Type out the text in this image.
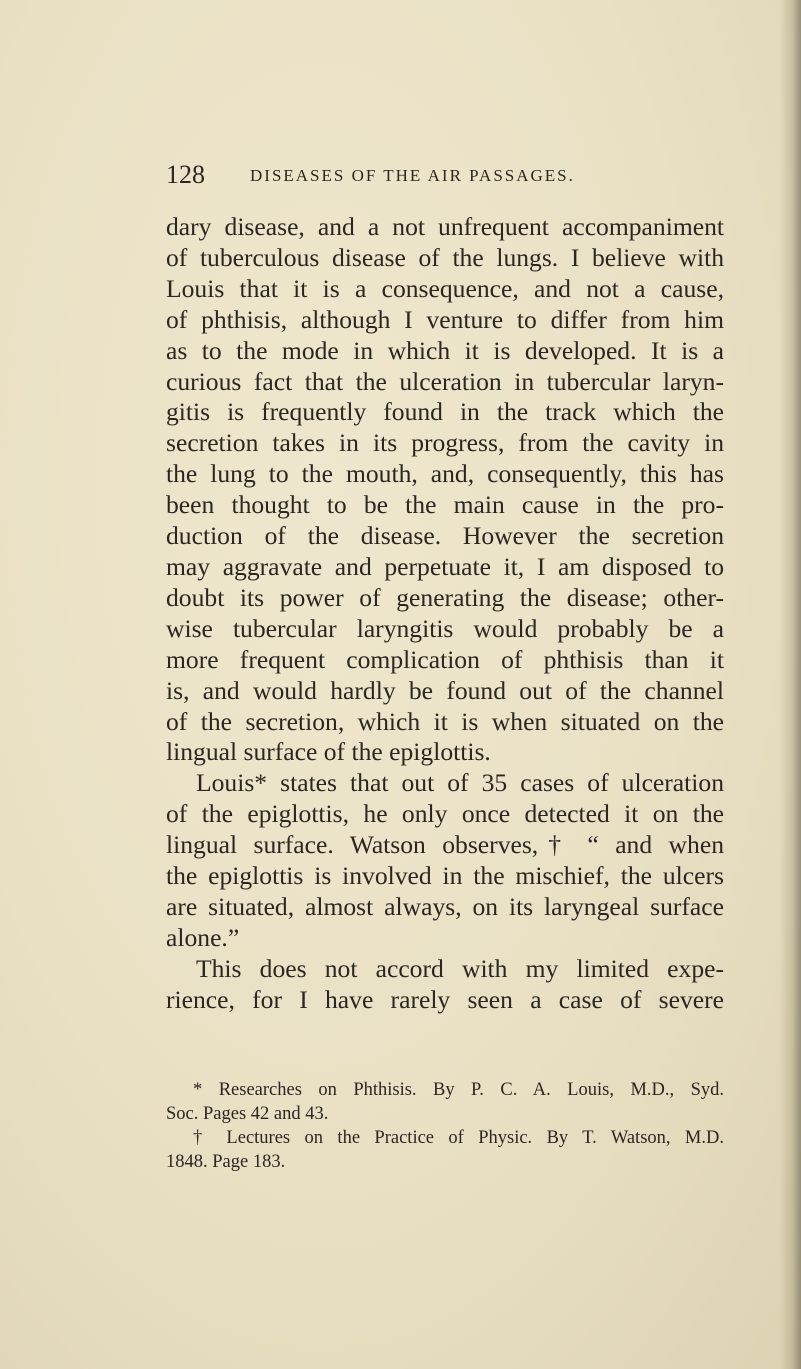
128	DISEASES OF THE AIR PASSAGES.
dary disease, and a not unfrequent accompaniment
of tuberculous disease of the lungs. I believe with
Louis that it is a consequence, and not a cause,
of phthisis, although I venture to differ from him
as to the mode in which it is developed. It is a
curious fact that the ulceration in tubercular laryn-
gitis is frequently found in the track which the
secretion takes in its progress, from the cavity in
the lung to the mouth, and, consequently, this has
been thought to be the main cause in the pro-
duction of the disease. However the secretion
may aggravate and perpetuate it, I am disposed to
doubt its power of generating the disease; other-
wise tubercular laryngitis would probably be a
more frequent complication of phthisis than it
is, and would hardly be found out of the channel
of the secretion, which it is when situated on the
lingual surface of the epiglottis.
Louis* states that out of 35 cases of ulceration
of the epiglottis, he only once detected it on the
lingual surface. Watson observes,† “ and when
the epiglottis is involved in the mischief, the ulcers
are situated, almost always, on its laryngeal surface
alone.”
This does not accord with my limited expe-
rience, for I have rarely seen a case of severe
* Researches on Phthisis. By P. C. A. Louis, M.D., Syd.
Soc. Pages 42 and 43.
† Lectures on the Practice of Physic. By T. Watson, M.D.
1848. Page 183.
